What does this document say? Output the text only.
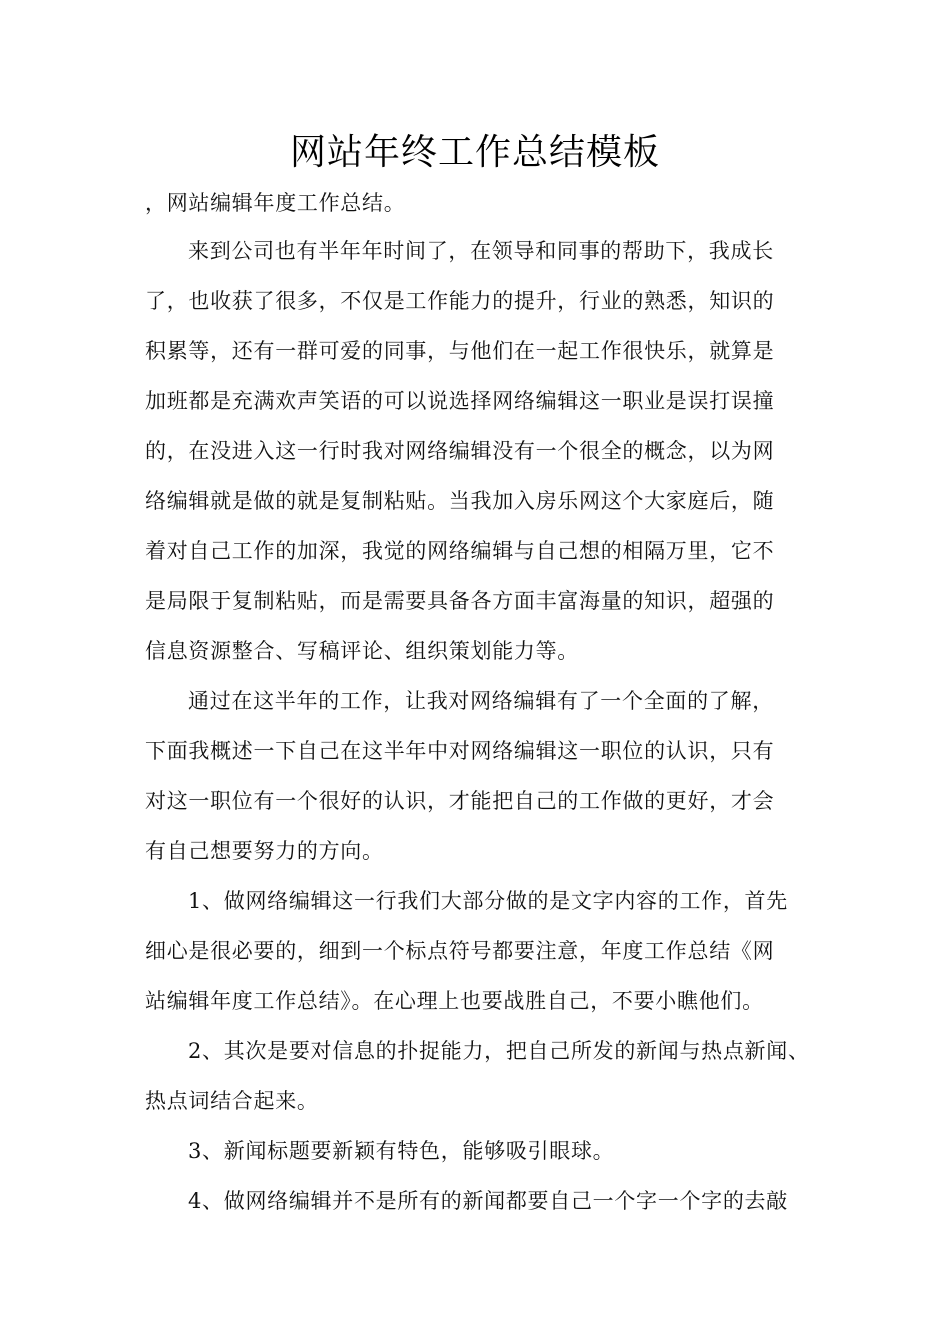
网站年终工作总结模板
，网站编辑年度工作总结。
来到公司也有半年年时间了，在领导和同事的帮助下，我成长
了，也收获了很多，不仅是工作能力的提升，行业的熟悉，知识的
积累等，还有一群可爱的同事，与他们在一起工作很快乐，就算是
加班都是充满欢声笑语的可以说选择网络编辑这一职业是误打误撞
的，在没进入这一行时我对网络编辑没有一个很全的概念，以为网
络编辑就是做的就是复制粘贴。当我加入房乐网这个大家庭后，随
着对自己工作的加深，我觉的网络编辑与自己想的相隔万里，它不
是局限于复制粘贴，而是需要具备各方面丰富海量的知识，超强的
信息资源整合、写稿评论、组织策划能力等。
通过在这半年的工作，让我对网络编辑有了一个全面的了解，
下面我概述一下自己在这半年中对网络编辑这一职位的认识，只有
对这一职位有一个很好的认识，才能把自己的工作做的更好，才会
有自己想要努力的方向。
1、做网络编辑这一行我们大部分做的是文字内容的工作，首先
细心是很必要的，细到一个标点符号都要注意，年度工作总结《网
站编辑年度工作总结》。在心理上也要战胜自己，不要小瞧他们。
2、其次是要对信息的扑捉能力，把自己所发的新闻与热点新闻、
热点词结合起来。
3、新闻标题要新颖有特色，能够吸引眼球。
4、做网络编辑并不是所有的新闻都要自己一个字一个字的去敲
